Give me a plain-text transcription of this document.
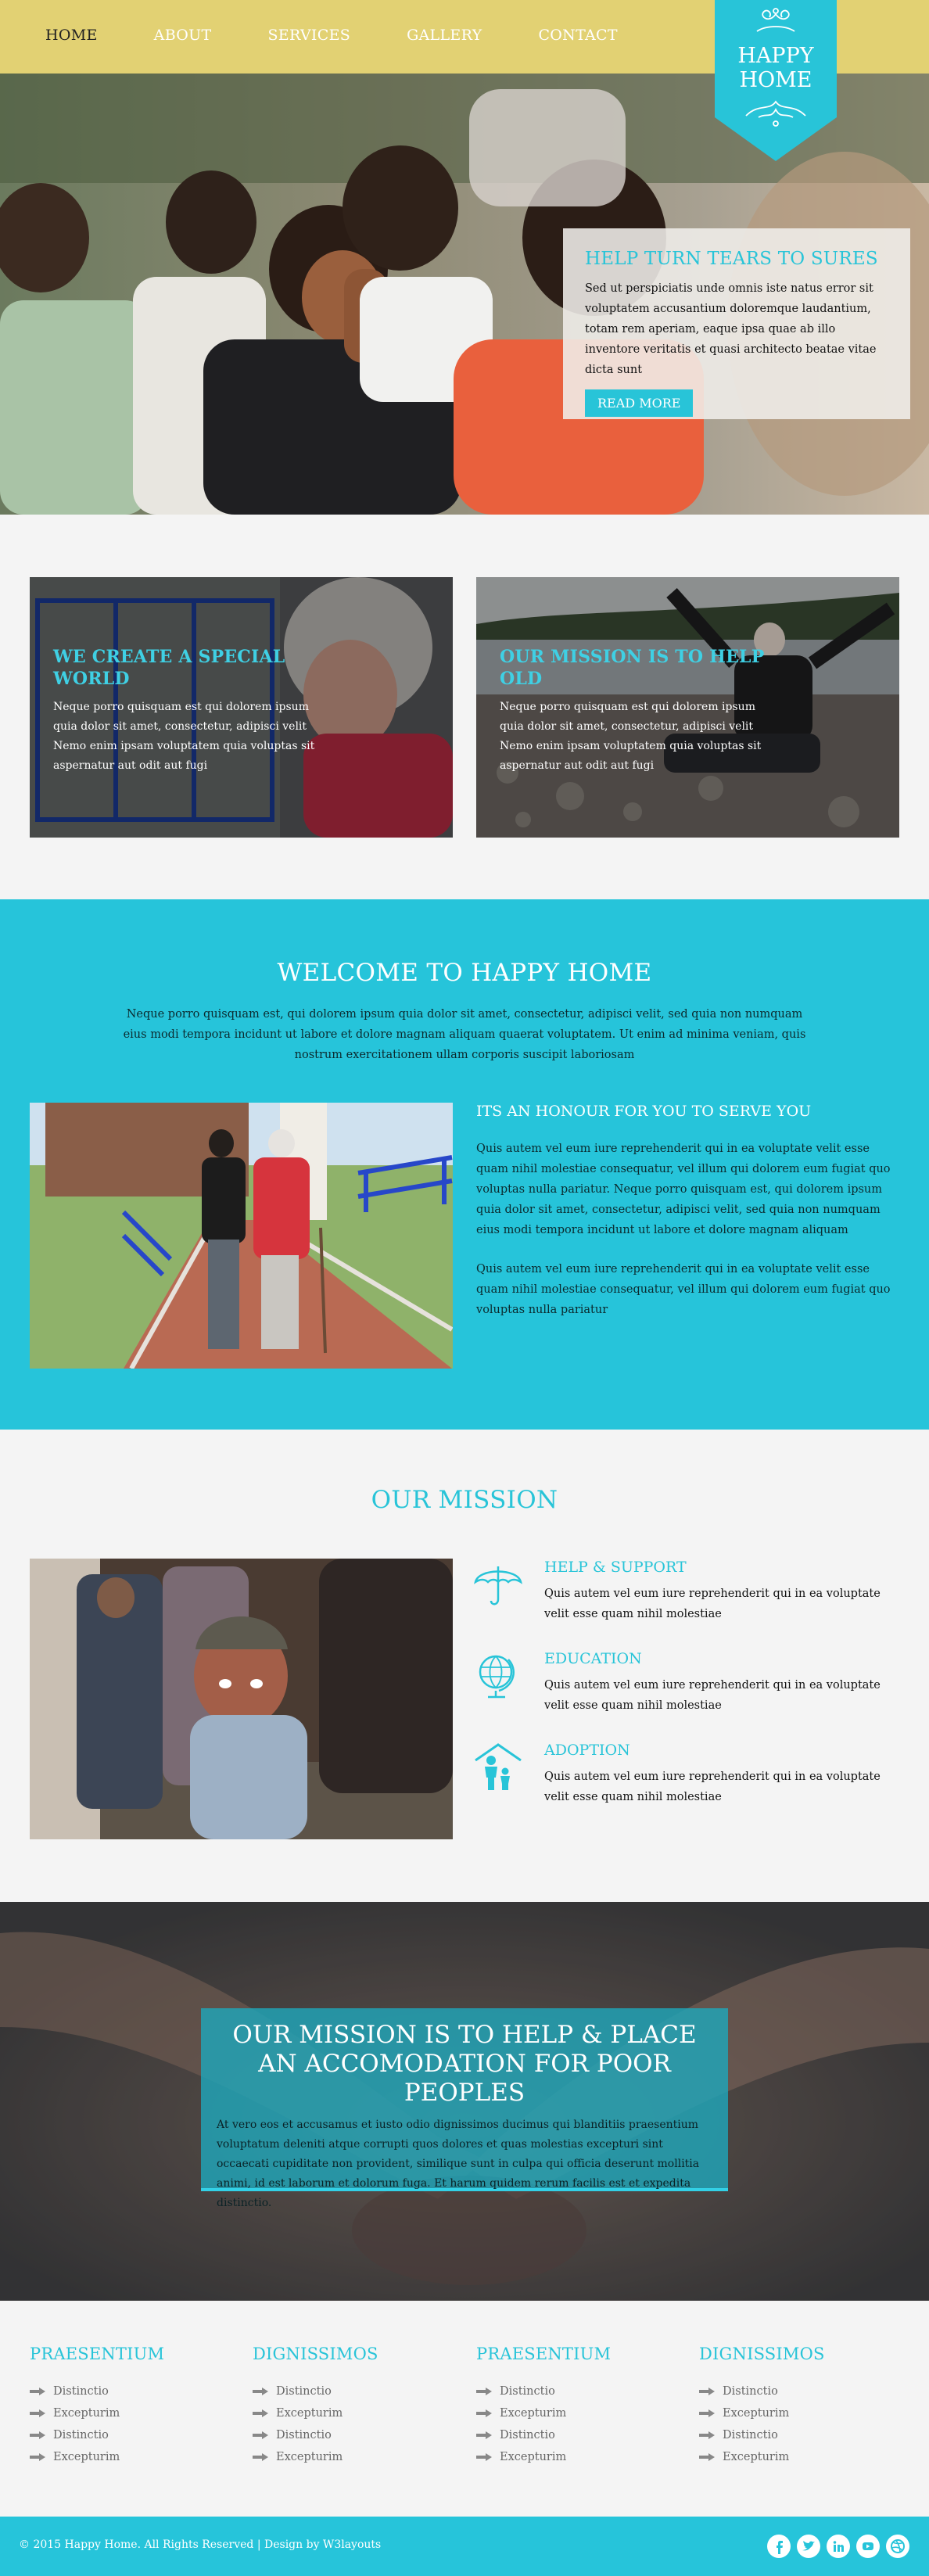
HOME	ABOUT	SERVICES	GALLERY	CONTACT
HAPPY
HOME
HELP TURN TEARS TO SURES

Sed ut perspiciatis unde omnis iste natus error sit voluptatem accusantium doloremque laudantium, totam rem aperiam, eaque ipsa quae ab illo inventore veritatis et quasi architecto beatae vitae dicta sunt

READ MORE
WE CREATE A SPECIAL WORLD

Neque porro quisquam est qui dolorem ipsum quia dolor sit amet, consectetur, adipisci velit Nemo enim ipsam voluptatem quia voluptas sit aspernatur aut odit aut fugi

OUR MISSION IS TO HELP OLD

Neque porro quisquam est qui dolorem ipsum quia dolor sit amet, consectetur, adipisci velit Nemo enim ipsam voluptatem quia voluptas sit aspernatur aut odit aut fugi

WELCOME TO HAPPY HOME

Neque porro quisquam est, qui dolorem ipsum quia dolor sit amet, consectetur, adipisci velit, sed quia non numquam eius modi tempora incidunt ut labore et dolore magnam aliquam quaerat voluptatem. Ut enim ad minima veniam, quis nostrum exercitationem ullam corporis suscipit laboriosam

ITS AN HONOUR FOR YOU TO SERVE YOU

Quis autem vel eum iure reprehenderit qui in ea voluptate velit esse quam nihil molestiae consequatur, vel illum qui dolorem eum fugiat quo voluptas nulla pariatur. Neque porro quisquam est, qui dolorem ipsum quia dolor sit amet, consectetur, adipisci velit, sed quia non numquam eius modi tempora incidunt ut labore et dolore magnam aliquam

Quis autem vel eum iure reprehenderit qui in ea voluptate velit esse quam nihil molestiae consequatur, vel illum qui dolorem eum fugiat quo voluptas nulla pariatur

OUR MISSION
HELP & SUPPORT

Quis autem vel eum iure reprehenderit qui in ea voluptate velit esse quam nihil molestiae

EDUCATION

Quis autem vel eum iure reprehenderit qui in ea voluptate velit esse quam nihil molestiae

ADOPTION

Quis autem vel eum iure reprehenderit qui in ea voluptate velit esse quam nihil molestiae

OUR MISSION IS TO HELP & PLACE AN ACCOMODATION FOR POOR PEOPLES

At vero eos et accusamus et iusto odio dignissimos ducimus qui blanditiis praesentium voluptatum deleniti atque corrupti quos dolores et quas molestias excepturi sint occaecati cupiditate non provident, similique sunt in culpa qui officia deserunt mollitia animi, id est laborum et dolorum fuga. Et harum quidem rerum facilis est et expedita distinctio.

PRAESENTIUM
Distinctio
Excepturim
Distinctio
Excepturim
DIGNISSIMOS
Distinctio
Excepturim
Distinctio
Excepturim
PRAESENTIUM
Distinctio
Excepturim
Distinctio
Excepturim
DIGNISSIMOS
Distinctio
Excepturim
Distinctio
Excepturim
© 2015 Happy Home. All Rights Reserved | Design by W3layouts
